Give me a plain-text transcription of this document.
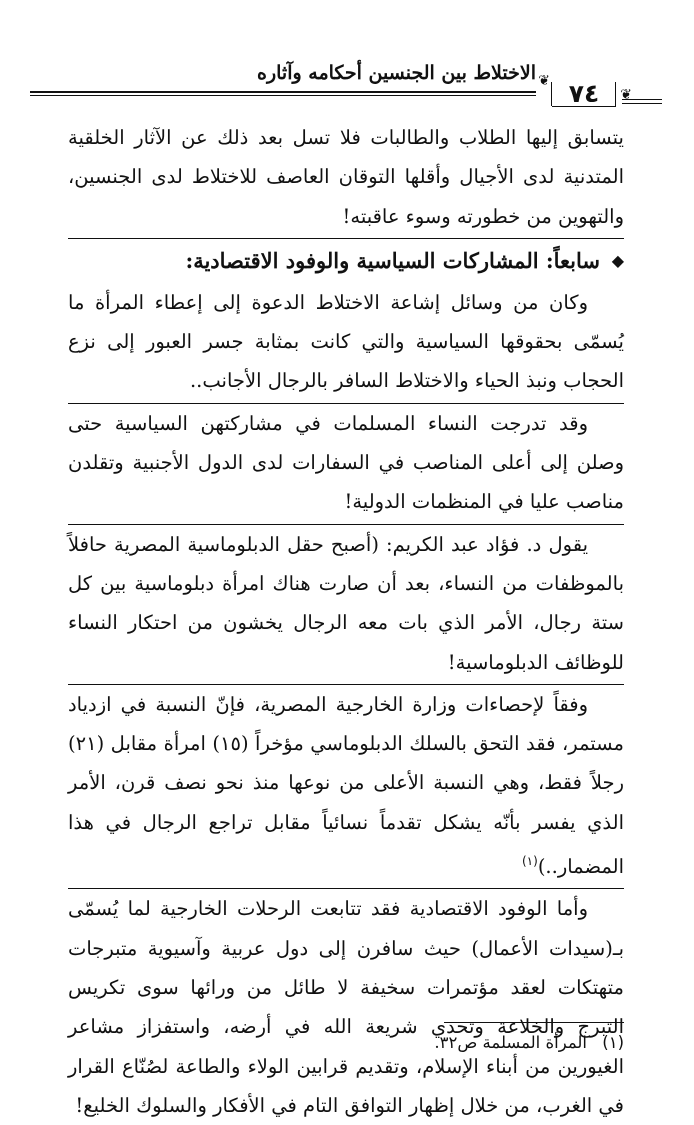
الاختلاط بين الجنسين أحكامه وآثاره
٧٤
❦
❦

يتسابق إليها الطلاب والطالبات فلا تسل بعد ذلك عن الآثار الخلقية المتدنية لدى الأجيال وأقلها التوقان العاصف للاختلاط لدى الجنسين، والتهوين من خطورته وسوء عاقبته!

◆
سابعاً: المشاركات السياسية والوفود الاقتصادية:

وكان من وسائل إشاعة الاختلاط الدعوة إلى إعطاء المرأة ما يُسمّى بحقوقها السياسية والتي كانت بمثابة جسر العبور إلى نزع الحجاب ونبذ الحياء والاختلاط السافر بالرجال الأجانب..

وقد تدرجت النساء المسلمات في مشاركتهن السياسية حتى وصلن إلى أعلى المناصب في السفارات لدى الدول الأجنبية وتقلدن مناصب عليا في المنظمات الدولية!

يقول د. فؤاد عبد الكريم: (أصبح حقل الدبلوماسية المصرية حافلاً بالموظفات من النساء، بعد أن صارت هناك امرأة دبلوماسية بين كل ستة رجال، الأمر الذي بات معه الرجال يخشون من احتكار النساء للوظائف الدبلوماسية!

وفقاً لإحصاءات وزارة الخارجية المصرية، فإنّ النسبة في ازدياد مستمر، فقد التحق بالسلك الدبلوماسي مؤخراً (١٥) امرأة مقابل (٢١) رجلاً فقط، وهي النسبة الأعلى من نوعها منذ نحو نصف قرن، الأمر الذي يفسر بأنّه يشكل تقدماً نسائياً مقابل تراجع الرجال في هذا المضمار..)$^{(١)}$

وأما الوفود الاقتصادية فقد تتابعت الرحلات الخارجية لما يُسمّى بـ(سيدات الأعمال) حيث سافرن إلى دول عربية وآسيوية متبرجات متهتكات لعقد مؤتمرات سخيفة لا طائل من ورائها سوى تكريس التبرج والخلاعة وتحدي شريعة الله في أرضه، واستفزاز مشاعر الغيورين من أبناء الإسلام، وتقديم قرابين الولاء والطاعة لصُنّاع القرار في الغرب، من خلال إظهار التوافق التام في الأفكار والسلوك الخليع!

(١) المرأة المسلمة ص٣٢.
